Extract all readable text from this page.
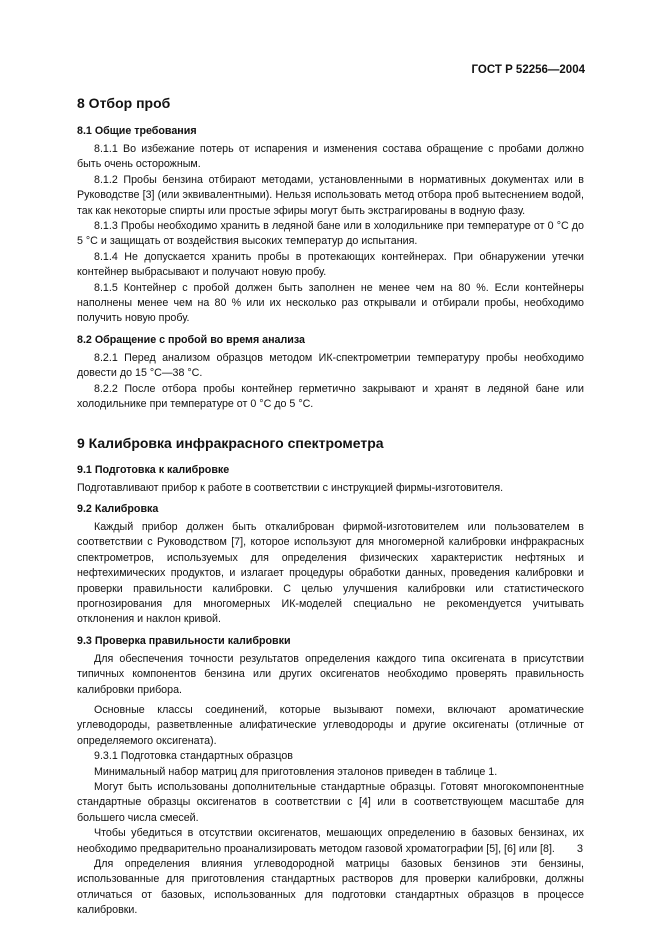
ГОСТ Р 52256—2004
8 Отбор проб
8.1 Общие требования

8.1.1 Во избежание потерь от испарения и изменения состава обращение с пробами должно быть очень осторожным.

8.1.2 Пробы бензина отбирают методами, установленными в нормативных документах или в Руководстве [3] (или эквивалентными). Нельзя использовать метод отбора проб вытеснением водой, так как некоторые спирты или простые эфиры могут быть экстрагированы в водную фазу.

8.1.3 Пробы необходимо хранить в ледяной бане или в холодильнике при температуре от 0 °С до 5 °С и защищать от воздействия высоких температур до испытания.

8.1.4 Не допускается хранить пробы в протекающих контейнерах. При обнаружении утечки контейнер выбрасывают и получают новую пробу.

8.1.5 Контейнер с пробой должен быть заполнен не менее чем на 80 %. Если контейнеры наполнены менее чем на 80 % или их несколько раз открывали и отбирали пробы, необходимо получить новую пробу.

8.2 Обращение с пробой во время анализа

8.2.1 Перед анализом образцов методом ИК-спектрометрии температуру пробы необходимо довести до 15 °С—38 °С.

8.2.2 После отбора пробы контейнер герметично закрывают и хранят в ледяной бане или холодильнике при температуре от 0 °С до 5 °С.

9 Калибровка инфракрасного спектрометра
9.1 Подготовка к калибровке

Подготавливают прибор к работе в соответствии с инструкцией фирмы-изготовителя.

9.2 Калибровка

Каждый прибор должен быть откалиброван фирмой-изготовителем или пользователем в соответствии с Руководством [7], которое используют для многомерной калибровки инфракрасных спектрометров, используемых для определения физических характеристик нефтяных и нефтехимических продуктов, и излагает процедуры обработки данных, проведения калибровки и проверки правильности калибровки. С целью улучшения калибровки или статистического прогнозирования для многомерных ИК-моделей специально не рекомендуется учитывать отклонения и наклон кривой.

9.3 Проверка правильности калибровки

Для обеспечения точности результатов определения каждого типа оксигената в присутствии типичных компонентов бензина или других оксигенатов необходимо проверять правильность калибровки прибора.

Основные классы соединений, которые вызывают помехи, включают ароматические углеводороды, разветвленные алифатические углеводороды и другие оксигенаты (отличные от определяемого оксигената).

9.3.1 Подготовка стандартных образцов

Минимальный набор матриц для приготовления эталонов приведен в таблице 1.

Могут быть использованы дополнительные стандартные образцы. Готовят многокомпонентные стандартные образцы оксигенатов в соответствии с [4] или в соответствующем масштабе для большего числа смесей.

Чтобы убедиться в отсутствии оксигенатов, мешающих определению в базовых бензинах, их необходимо предварительно проанализировать методом газовой хроматографии [5], [6] или [8].

Для определения влияния углеводородной матрицы базовых бензинов эти бензины, использованные для приготовления стандартных растворов для проверки калибровки, должны отличаться от базовых, использованных для подготовки стандартных образцов в процессе калибровки.

3
